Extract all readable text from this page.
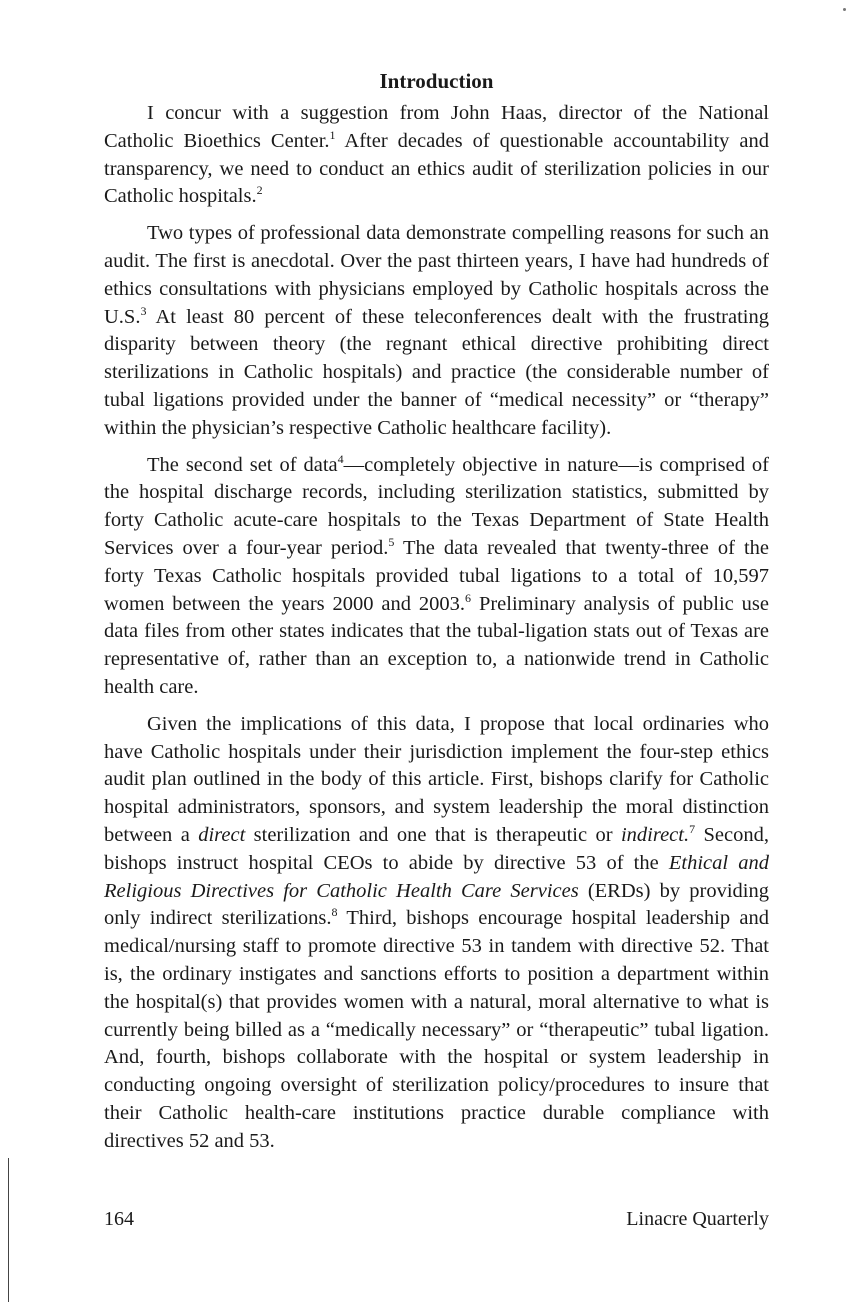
Introduction

I concur with a suggestion from John Haas, director of the National Catholic Bioethics Center.$^1$ After decades of questionable accountability and transparency, we need to conduct an ethics audit of sterilization policies in our Catholic hospitals.$^2$

Two types of professional data demonstrate compelling reasons for such an audit. The first is anecdotal. Over the past thirteen years, I have had hundreds of ethics consultations with physicians employed by Catholic hospitals across the U.S.$^3$ At least 80 percent of these teleconferences dealt with the frustrating disparity between theory (the regnant ethical directive prohibiting direct sterilizations in Catholic hospitals) and practice (the considerable number of tubal ligations provided under the banner of “medical necessity” or “therapy” within the physician’s respective Catholic healthcare facility).

The second set of data$^4$—completely objective in nature—is comprised of the hospital discharge records, including sterilization statistics, submitted by forty Catholic acute-care hospitals to the Texas Department of State Health Services over a four-year period.$^5$ The data revealed that twenty-three of the forty Texas Catholic hospitals provided tubal ligations to a total of 10,597 women between the years 2000 and 2003.$^6$ Preliminary analysis of public use data files from other states indicates that the tubal-ligation stats out of Texas are representative of, rather than an exception to, a nationwide trend in Catholic health care.

Given the implications of this data, I propose that local ordinaries who have Catholic hospitals under their jurisdiction implement the four-step ethics audit plan outlined in the body of this article. First, bishops clarify for Catholic hospital administrators, sponsors, and system leadership the moral distinction between a direct sterilization and one that is therapeutic or indirect.$^7$ Second, bishops instruct hospital CEOs to abide by directive 53 of the Ethical and Religious Directives for Catholic Health Care Services (ERDs) by providing only indirect sterilizations.$^8$ Third, bishops encourage hospital leadership and medical/nursing staff to promote directive 53 in tandem with directive 52. That is, the ordinary instigates and sanctions efforts to position a department within the hospital(s) that provides women with a natural, moral alternative to what is currently being billed as a “medically necessary” or “therapeutic” tubal ligation. And, fourth, bishops collaborate with the hospital or system leadership in conducting ongoing oversight of sterilization policy/procedures to insure that their Catholic health-care institutions practice durable compliance with directives 52 and 53.

164	Linacre Quarterly
